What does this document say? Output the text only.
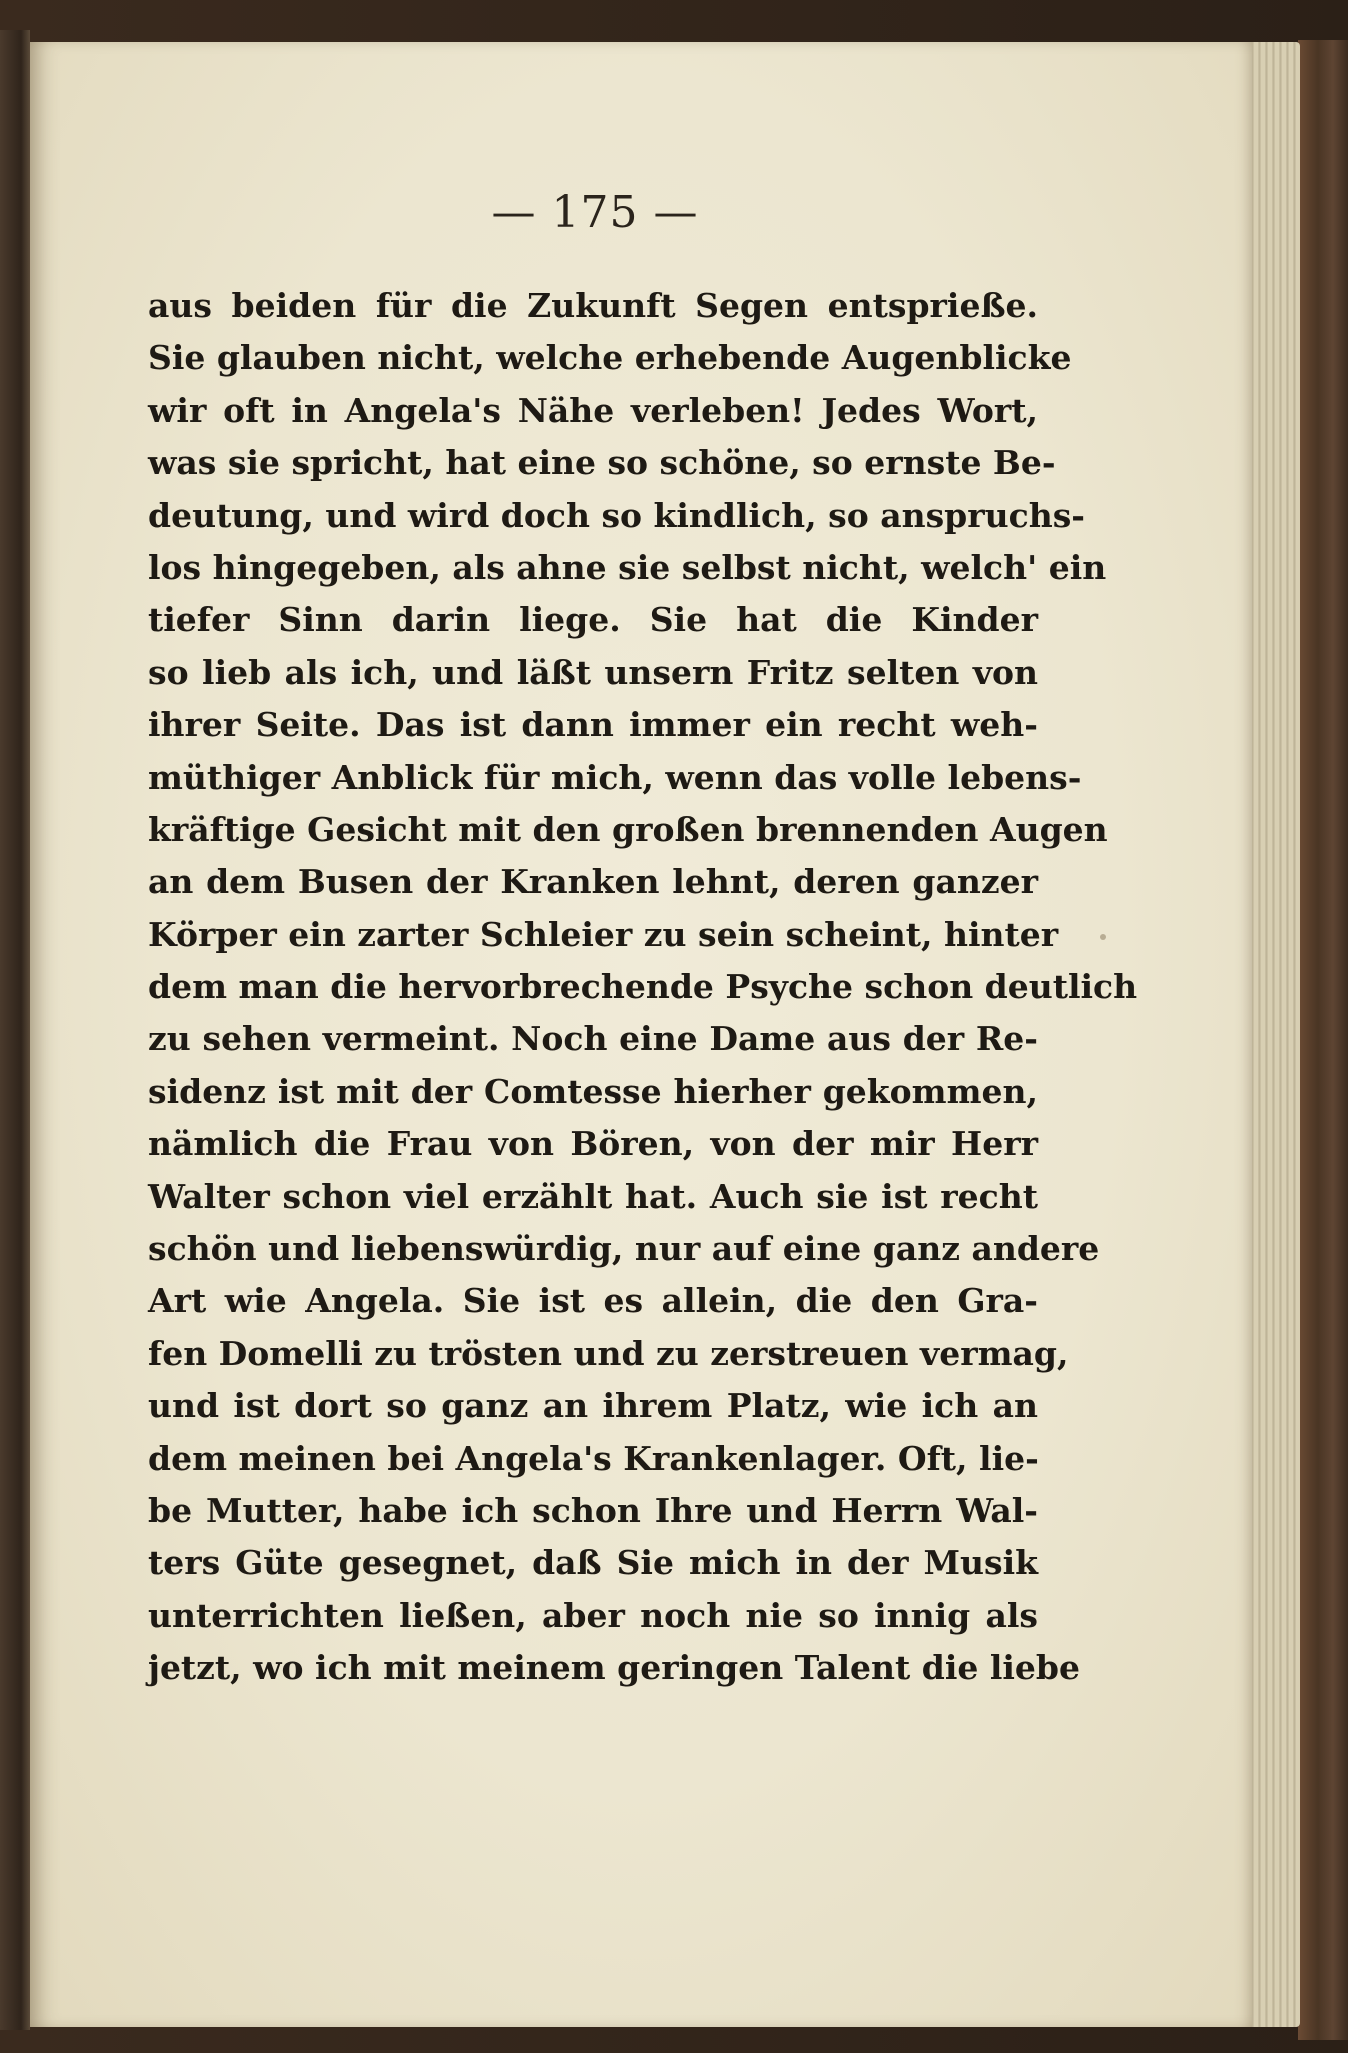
— 175 —
aus beiden für die Zukunft Segen entsprieße.
Sie glauben nicht, welche erhebende Augenblicke
wir oft in Angela's Nähe verleben! Jedes Wort,
was sie spricht, hat eine so schöne, so ernste Be-
deutung, und wird doch so kindlich, so anspruchs-
los hingegeben, als ahne sie selbst nicht, welch' ein
tiefer Sinn darin liege. Sie hat die Kinder
so lieb als ich, und läßt unsern Fritz selten von
ihrer Seite. Das ist dann immer ein recht weh-
müthiger Anblick für mich, wenn das volle lebens-
kräftige Gesicht mit den großen brennenden Augen
an dem Busen der Kranken lehnt, deren ganzer
Körper ein zarter Schleier zu sein scheint, hinter
dem man die hervorbrechende Psyche schon deutlich
zu sehen vermeint. Noch eine Dame aus der Re-
sidenz ist mit der Comtesse hierher gekommen,
nämlich die Frau von Bören, von der mir Herr
Walter schon viel erzählt hat. Auch sie ist recht
schön und liebenswürdig, nur auf eine ganz andere
Art wie Angela. Sie ist es allein, die den Gra-
fen Domelli zu trösten und zu zerstreuen vermag,
und ist dort so ganz an ihrem Platz, wie ich an
dem meinen bei Angela's Krankenlager. Oft, lie-
be Mutter, habe ich schon Ihre und Herrn Wal-
ters Güte gesegnet, daß Sie mich in der Musik
unterrichten ließen, aber noch nie so innig als
jetzt, wo ich mit meinem geringen Talent die liebe
